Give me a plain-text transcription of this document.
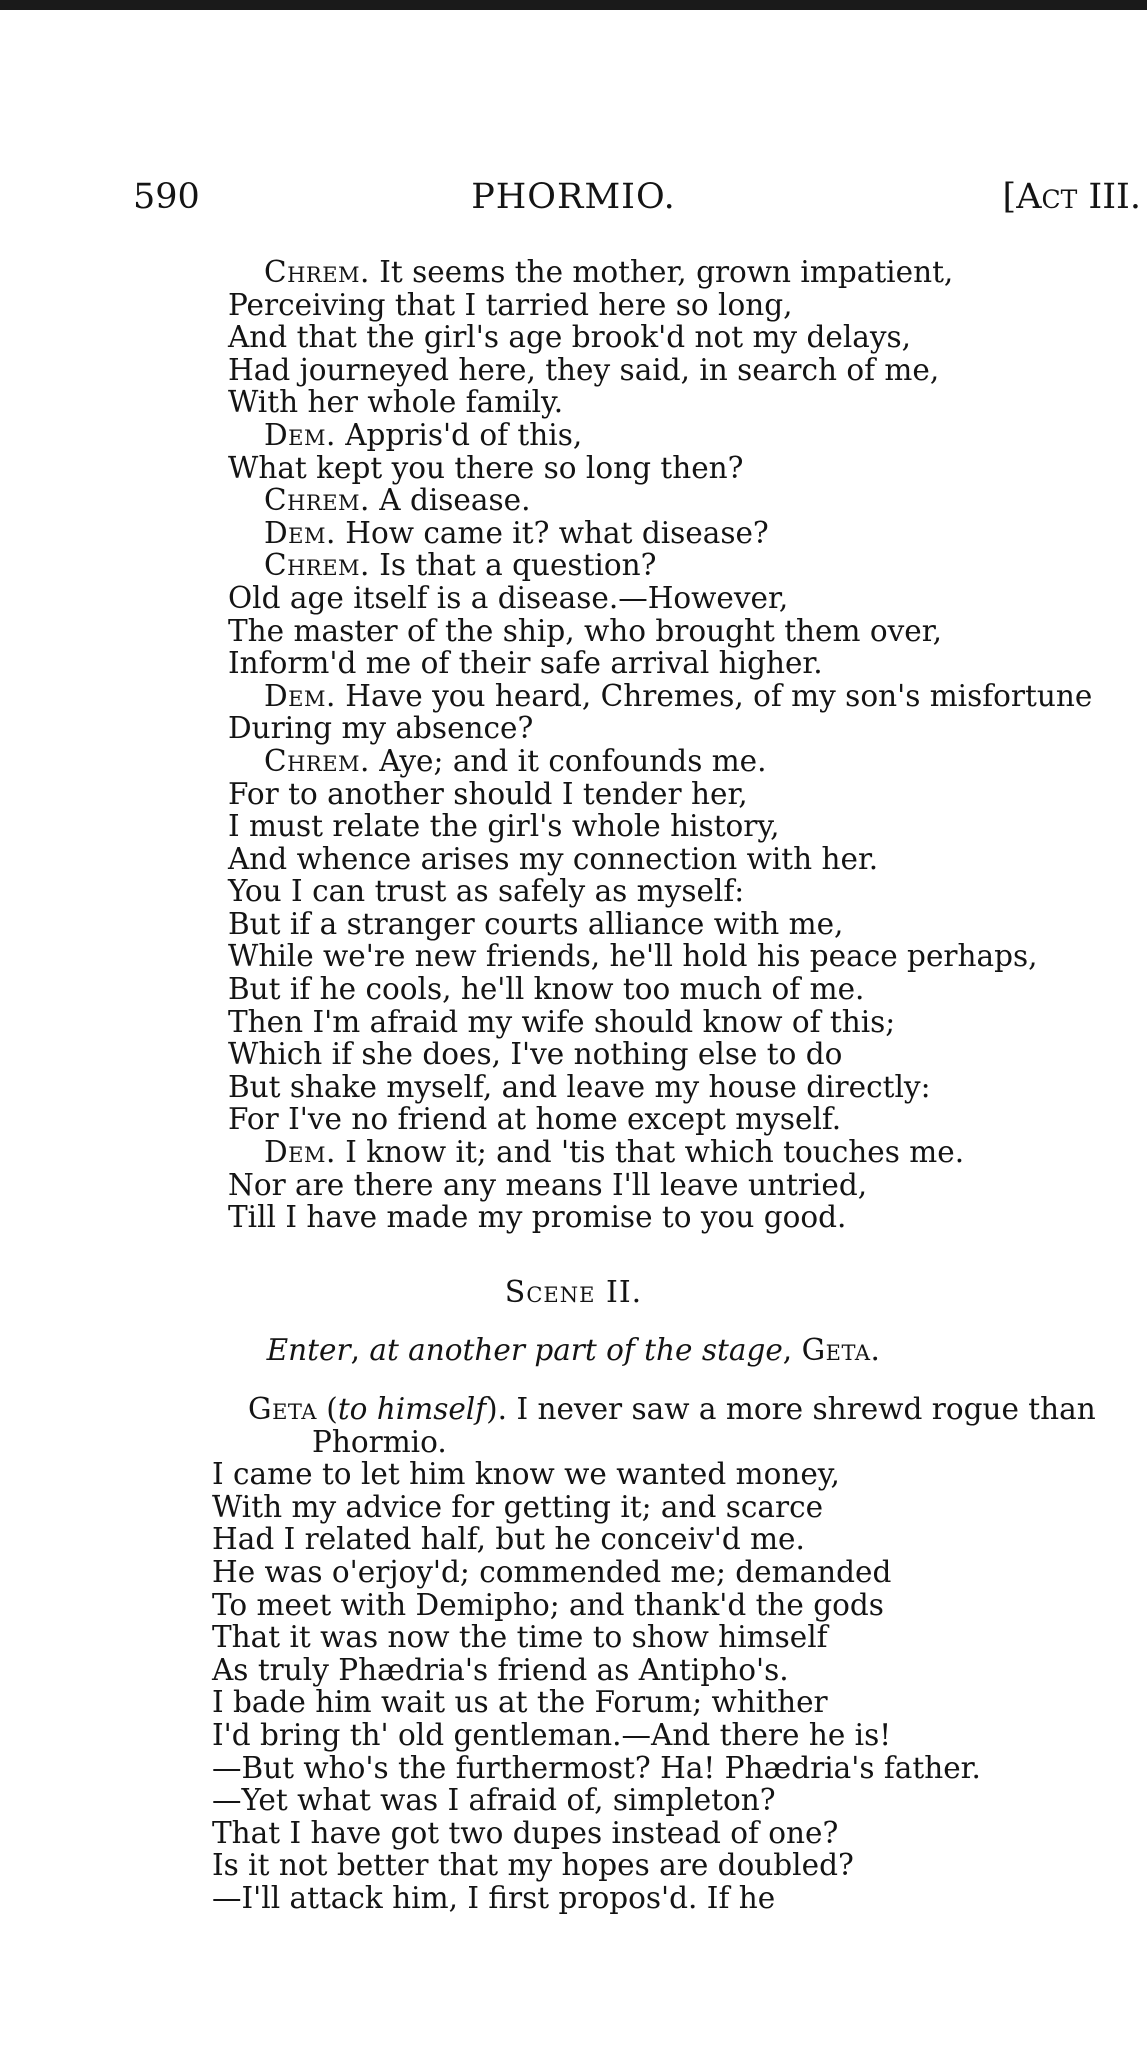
590	PHORMIO.	[Act III.
Chrem. It seems the mother, grown impatient,
Perceiving that I tarried here so long,
And that the girl's age brook'd not my delays,
Had journeyed here, they said, in search of me,
With her whole family.
Dem. Appris'd of this,
What kept you there so long then?
Chrem. A disease.
Dem. How came it? what disease?
Chrem. Is that a question?
Old age itself is a disease.—However,
The master of the ship, who brought them over,
Inform'd me of their safe arrival higher.
Dem. Have you heard, Chremes, of my son's misfortune
During my absence?
Chrem. Aye; and it confounds me.
For to another should I tender her,
I must relate the girl's whole history,
And whence arises my connection with her.
You I can trust as safely as myself:
But if a stranger courts alliance with me,
While we're new friends, he'll hold his peace perhaps,
But if he cools, he'll know too much of me.
Then I'm afraid my wife should know of this;
Which if she does, I've nothing else to do
But shake myself, and leave my house directly:
For I've no friend at home except myself.
Dem. I know it; and 'tis that which touches me.
Nor are there any means I'll leave untried,
Till I have made my promise to you good.
Scene II.
Enter, at another part of the stage, Geta.
Geta (to himself). I never saw a more shrewd rogue than
Phormio.
I came to let him know we wanted money,
With my advice for getting it; and scarce
Had I related half, but he conceiv'd me.
He was o'erjoy'd; commended me; demanded
To meet with Demipho; and thank'd the gods
That it was now the time to show himself
As truly Phædria's friend as Antipho's.
I bade him wait us at the Forum; whither
I'd bring th' old gentleman.—And there he is!
—But who's the furthermost? Ha! Phædria's father.
—Yet what was I afraid of, simpleton?
That I have got two dupes instead of one?
Is it not better that my hopes are doubled?
—I'll attack him, I first propos'd. If he
